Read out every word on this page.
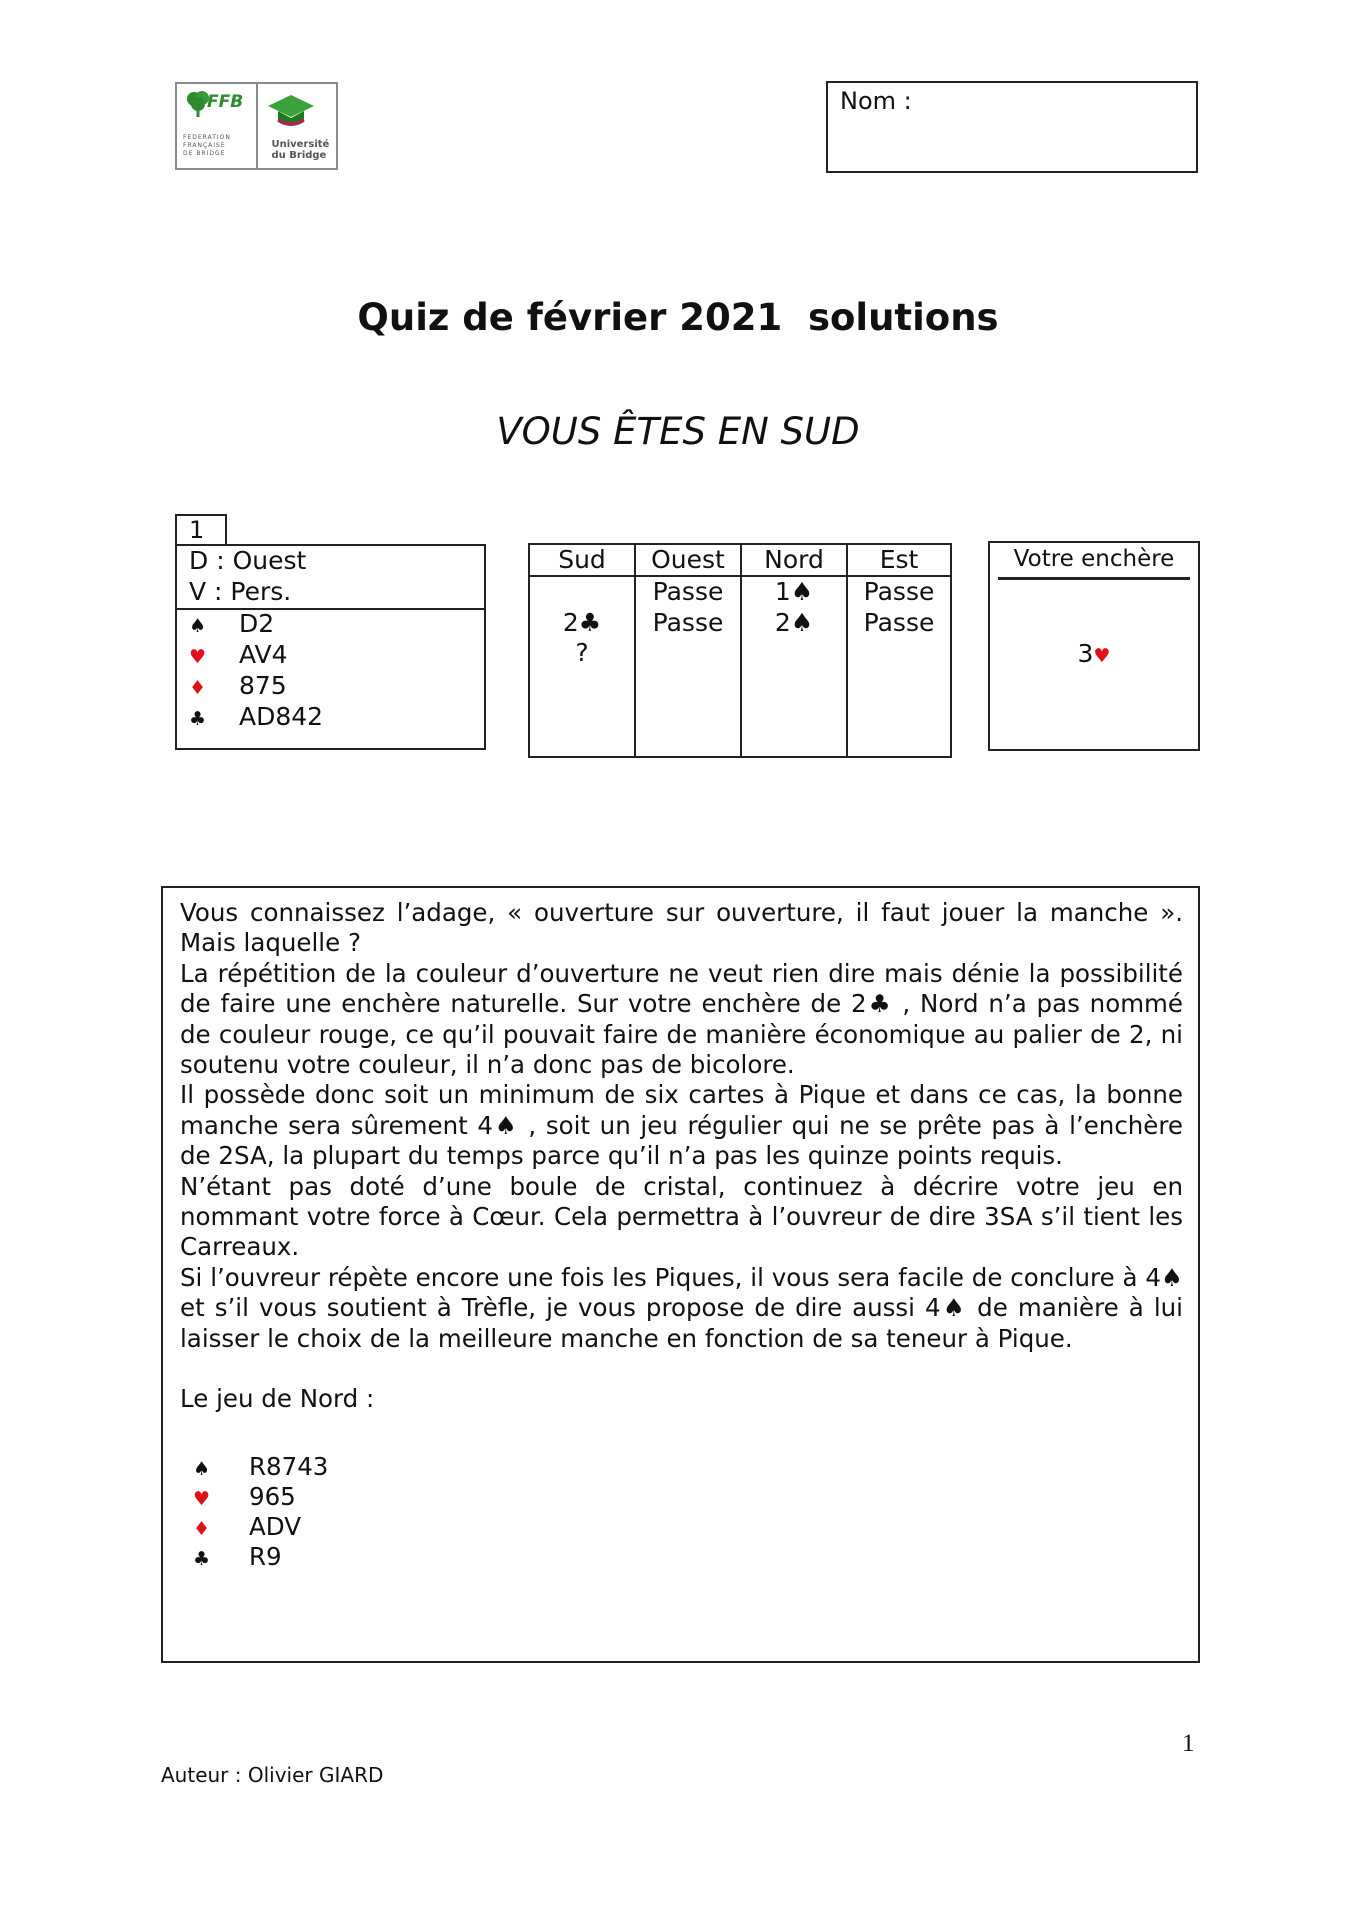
FFB
FEDERATION
FRANÇAISE
DE BRIDGE
Université
du Bridge
Nom :
Quiz de février 2021  solutions
VOUS ÊTES EN SUD
1
D : Ouest
V : Pers.
♠ D2
♥ AV4
♦ 875
♣ AD842
Sud
2♣
?
Ouest
Passe
Passe
Nord
1♠
2♠
Est
Passe
Passe
Votre enchère
3♥

Vous connaissez l’adage, « ouverture sur ouverture, il faut jouer la manche ». Mais laquelle ?

La répétition de la couleur d’ouverture ne veut rien dire mais dénie la possibilité de faire une enchère naturelle. Sur votre enchère de 2♣ , Nord n’a pas nommé de couleur rouge, ce qu’il pouvait faire de manière économique au palier de 2, ni soutenu votre couleur, il n’a donc pas de bicolore.

Il possède donc soit un minimum de six cartes à Pique et dans ce cas, la bonne manche sera sûrement 4♠ , soit un jeu régulier qui ne se prête pas à l’enchère de 2SA, la plupart du temps parce qu’il n’a pas les quinze points requis.

N’étant pas doté d’une boule de cristal, continuez à décrire votre jeu en nommant votre force à Cœur. Cela permettra à l’ouvreur de dire 3SA s’il tient les Carreaux.

Si l’ouvreur répète encore une fois les Piques, il vous sera facile de conclure à 4♠ et s’il vous soutient à Trèfle, je vous propose de dire aussi 4♠ de manière à lui laisser le choix de la meilleure manche en fonction de sa teneur à Pique.

Le jeu de Nord :
♠ R8743
♥ 965
♦ ADV
♣ R9
1
Auteur : Olivier GIARD
